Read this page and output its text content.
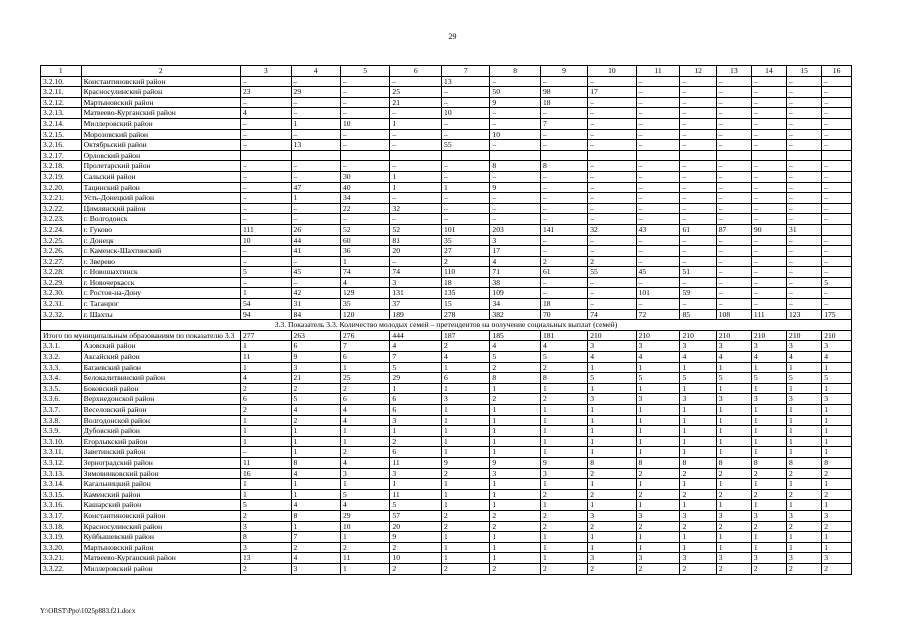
29
1	2	3	4	5	6	7	8	9	10	11	12	13	14	15	16
3.2.10.	Константиновский район	–	–	–	–	13	–	–	–	–	–	–	–	–	–
3.2.11.	Красносулинский район	23	29	–	25	–	50	98	17	–	–	–	–	–	–
3.2.12.	Мартыновский район	–	–	–	21	–	9	18	–	–	–	–	–	–	–
3.2.13.	Матвеево-Курганский район	4	–	–	–	10	–	–	–	–	–	–	–	–	–
3.2.14.	Миллеровский район	–	1	10	1	–	–	7	–	–	–	–	–	–	–
3.2.15.	Морозовский район	–	–	–	–	–	10	–	–	–	–	–	–	–	–
3.2.16.	Октябрьский район	–	13	–	–	55	–	–	–	–	–	–	–	–	–
3.2.17.	Орловский район														
3.2.18.	Пролетарский район	–	–	–	–	–	8	8	–	–	–	–	–	–	–
3.2.19.	Сальский район	–	–	30	1	–	–	–	–	–	–	–	–	–	–
3.2.20.	Тацинский район	–	47	40	1	1	9	–	–	–	–	–	–	–	–
3.2.21.	Усть-Донецкий район	–	1	34	–	–	–	–	–	–	–	–	–	–	–
3.2.22.	Цимлянский район	–	–	22	32	–	–	–	–	–	–	–	–	–	–
3.2.23.	г. Волгодонск	–	–	–	–	–	–	–	–	–	–	–	–	–	–
3.2.24.	г. Гуково	111	26	52	52	101	203	141	32	43	61	87	90	31	
3.2.25.	г. Донецк	10	44	60	81	35	3	–	–	–	–	–	–	–	–
3.2.26.	г. Каменск-Шахтинский	–	41	36	20	27	17	–	–	–	–	–	–	–	–
3.2.27.	г. Зверево	–	–	1	–	2	4	2	2	–	–	–	–	–	–
3.2.28.	г. Новошахтинск	5	45	74	74	110	71	61	55	45	51	–	–	–	–
3.2.29.	г. Новочеркасск	–	–	4	3	18	38	–	–	–	–	–	–	–	5
3.2.30.	г. Ростов-на-Дону	1	42	129	131	135	109	–	–	101	59	–	–	–	–
3.2.31.	г. Таганрог	54	31	35	37	15	34	18	–	–	–	–	–	–	–
3.2.32.	г. Шахты	94	84	120	189	278	382	70	74	72	85	108	111	123	175
3.3. Показатель 3.3. Количество молодых семей – претендентов на получение социальных выплат (семей)															
Итого по муниципальным образованиям по показателю 3.3		277	263	276	444	187	185	181	210	210	210	210	210	210	210
3.3.1.	Азовский район	1	6	7	4	2	4	4	3	3	3	3	3	3	3
3.3.2.	Аксайский район	11	9	6	7	4	5	5	4	4	4	4	4	4	4
3.3.3.	Багаевский район	1	3	1	5	1	2	2	1	1	1	1	1	1	1
3.3.4.	Белокалитвинский район	4	21	25	29	6	8	8	5	5	5	5	5	5	5
3.3.5.	Боковский район	2	2	2	1	1	1	1	1	1	1	1	1	1	1
3.3.6.	Верхнедонской район	6	5	6	6	3	2	2	3	3	3	3	3	3	3
3.3.7.	Веселовский район	2	4	4	6	1	1	1	1	1	1	1	1	1	1
3.3.8.	Волгодонской район	1	2	4	3	1	1	1	1	1	1	1	1	1	1
3.3.9.	Дубовский район	1	1	1	1	1	1	1	1	1	1	1	1	1	1
3.3.10.	Егорлыкский район	1	1	1	2	1	1	1	1	1	1	1	1	1	1
3.3.11.	Заветинский район	–	1	2	6	1	1	1	1	1	1	1	1	1	1
3.3.12.	Зерноградский район	11	8	4	11	9	9	9	8	8	8	8	8	8	8
3.3.13.	Зимовниковский район	16	4	3	3	2	3	3	2	2	2	2	2	2	2
3.3.14.	Кагальницкий район	1	1	1	1	1	1	1	1	1	1	1	1	1	1
3.3.15.	Каменский район	1	1	5	11	1	1	2	2	2	2	2	2	2	2
3.3.16.	Кашарский район	5	4	4	5	1	1	1	1	1	1	1	1	1	1
3.3.17.	Константиновский район	2	8	29	57	2	2	2	3	3	3	3	3	3	3
3.3.18.	Красносулинский район	3	1	10	20	2	2	2	2	2	2	2	2	2	2
3.3.19.	Куйбышевский район	8	7	1	9	1	1	1	1	1	1	1	1	1	1
3.3.20.	Мартыновский район	3	2	2	2	1	1	1	1	1	1	1	1	1	1
3.3.21.	Матвеево-Курганский район	13	4	11	10	1	1	1	3	3	3	3	3	3	3
3.3.22.	Миллеровский район	2	3	1	2	2	2	2	2	2	2	2	2	2	2
Y:\ORST\Ppo\1025p883.f21.docx
